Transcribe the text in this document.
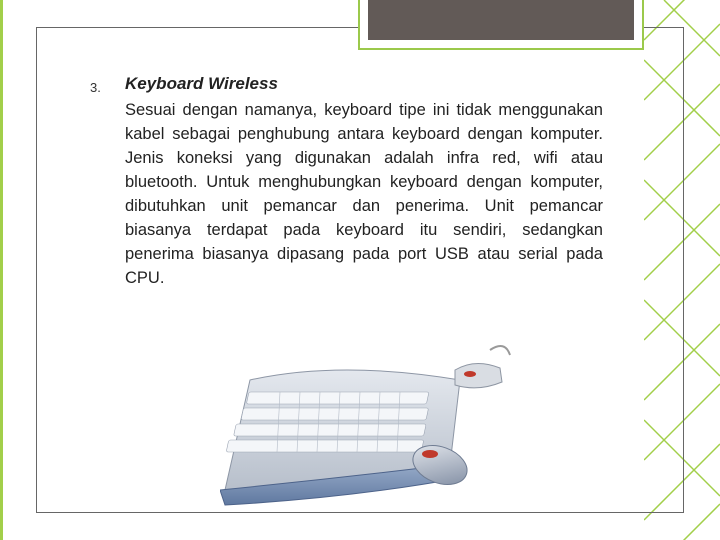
3. Keyboard Wireless

Sesuai dengan namanya, keyboard tipe ini tidak menggunakan kabel sebagai penghubung antara keyboard dengan komputer. Jenis koneksi yang digunakan adalah infra red, wifi atau bluetooth. Untuk menghubungkan keyboard dengan komputer, dibutuhkan unit pemancar dan penerima. Unit pemancar biasanya terdapat pada keyboard itu sendiri, sedangkan penerima biasanya dipasang pada port USB atau serial pada CPU.
